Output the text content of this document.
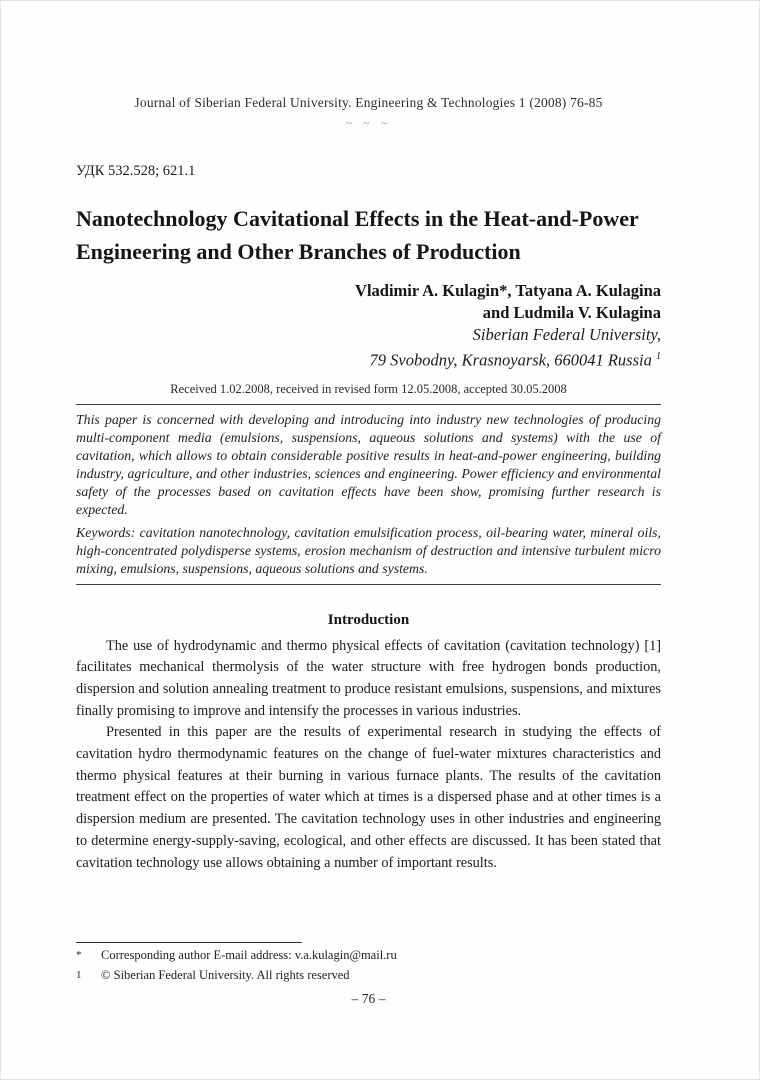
Journal of Siberian Federal University. Engineering & Technologies 1 (2008) 76-85
~ ~ ~
УДК 532.528; 621.1
Nanotechnology Cavitational Effects in the Heat-and-Power
Engineering and Other Branches of Production
Vladimir A. Kulagin*, Tatyana A. Kulagina
and Ludmila V. Kulagina
Siberian Federal University,
79 Svobodny, Krasnoyarsk, 660041 Russia $^1$
Received 1.02.2008, received in revised form 12.05.2008, accepted 30.05.2008

This paper is concerned with developing and introducing into industry new technologies of producing multi-component media (emulsions, suspensions, aqueous solutions and systems) with the use of cavitation, which allows to obtain considerable positive results in heat-and-power engineering, building industry, agriculture, and other industries, sciences and engineering. Power efficiency and environmental safety of the processes based on cavitation effects have been show, promising further research is expected.

Keywords: cavitation nanotechnology, cavitation emulsification process, oil-bearing water, mineral oils, high-concentrated polydisperse systems, erosion mechanism of destruction and intensive turbulent micro mixing, emulsions, suspensions, aqueous solutions and systems.

Introduction

The use of hydrodynamic and thermo physical effects of cavitation (cavitation technology) [1] facilitates mechanical thermolysis of the water structure with free hydrogen bonds production, dispersion and solution annealing treatment to produce resistant emulsions, suspensions, and mixtures finally promising to improve and intensify the processes in various industries.

Presented in this paper are the results of experimental research in studying the effects of cavitation hydro thermodynamic features on the change of fuel-water mixtures characteristics and thermo physical features at their burning in various furnace plants. The results of the cavitation treatment effect on the properties of water which at times is a dispersed phase and at other times is a dispersion medium are presented. The cavitation technology uses in other industries and engineering to determine energy-supply-saving, ecological, and other effects are discussed. It has been stated that cavitation technology use allows obtaining a number of important results.

* Corresponding author E-mail address: v.a.kulagin@mail.ru
1 © Siberian Federal University. All rights reserved
– 76 –
